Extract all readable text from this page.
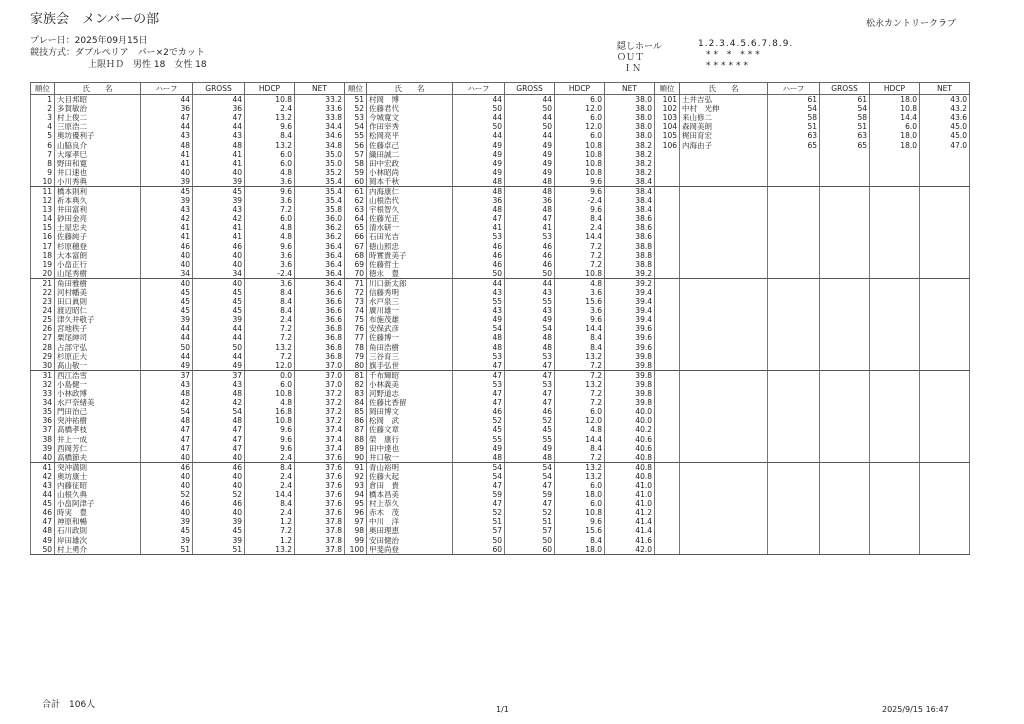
家族会　メンバーの部	松永カントリークラブ
プレー日：2025年09月15日
競技方式：ダブルペリア　パー×2でカット
上限ＨＤ　男性 18　女性 18
隠しホール	1.2.3.4.5.6.7.8.9.
ＯＵＴ	** * ***
ＩＮ	******
順位	氏　　名	ハーフ	GROSS	HDCP	NET
1	大目邦昭	44	44	10.8	33.2
2	多賀敏治	36	36	2.4	33.6
3	村上俊二	47	47	13.2	33.8
4	三原浩二	44	44	9.6	34.4
5	奥坊優利子	43	43	8.4	34.6
6	山脇良介	48	48	13.2	34.8
7	大塚孝巳	41	41	6.0	35.0
8	野田和寛	41	41	6.0	35.0
9	井口速也	40	40	4.8	35.2
10	小川秀典	39	39	3.6	35.4
11	橋本則利	45	45	9.6	35.4
12	祈本典久	39	39	3.6	35.4
13	井田富利	43	43	7.2	35.8
14	砂田金亮	42	42	6.0	36.0
15	土屋忠夫	41	41	4.8	36.2
16	佐藤純子	41	41	4.8	36.2
17	杉原穂登	46	46	9.6	36.4
18	大本富朗	40	40	3.6	36.4
19	小畠正行	40	40	3.6	36.4
20	山尾秀樹	34	34	-2.4	36.4
21	角田雅樹	40	40	3.6	36.4
22	河村幡美	45	45	8.4	36.6
23	田口眞則	45	45	8.4	36.6
24	渡辺昭仁	45	45	8.4	36.6
25	津久井敬子	39	39	2.4	36.6
26	宮地秩子	44	44	7.2	36.8
27	栗尾紳司	44	44	7.2	36.8
28	占部守弘	50	50	13.2	36.8
29	杉原正大	44	44	7.2	36.8
30	髙山敬一	49	49	12.0	37.0
31	西江浩雪	37	37	0.0	37.0
32	小島健一	43	43	6.0	37.0
33	小林政博	48	48	10.8	37.2
34	水戸奈緒美	42	42	4.8	37.2
35	門田治己	54	54	16.8	37.2
36	突沖祐樹	48	48	10.8	37.2
37	高橋孝枝	47	47	9.6	37.4
38	井上一成	47	47	9.6	37.4
39	西岡芳仁	47	47	9.6	37.4
40	高橋節夫	40	40	2.4	37.6
41	突沖満則	46	46	8.4	37.6
42	奥坊康士	40	40	2.4	37.6
43	内藤征昭	40	40	2.4	37.6
44	山根久典	52	52	14.4	37.6
45	小畠阿津子	46	46	8.4	37.6
46	時実　豊	40	40	2.4	37.6
47	神原和暢	39	39	1.2	37.8
48	石川政則	45	45	7.2	37.8
49	岸田雄次	39	39	1.2	37.8
50	村上勇介	51	51	13.2	37.8
順位	氏　　名	ハーフ	GROSS	HDCP	NET
51	村岡　博	44	44	6.0	38.0
52	佐藤君代	50	50	12.0	38.0
53	今城寛文	44	44	6.0	38.0
54	作田宰秀	50	50	12.0	38.0
55	松岡亮平	44	44	6.0	38.0
56	佐藤卓己	49	49	10.8	38.2
57	織田誠二	49	49	10.8	38.2
58	田中宏政	49	49	10.8	38.2
59	小林昭尚	49	49	10.8	38.2
60	岡本千秋	48	48	9.6	38.4
61	内海康仁	48	48	9.6	38.4
62	山根浩代	36	36	-2.4	38.4
63	宇根智久	48	48	9.6	38.4
64	佐藤光正	47	47	8.4	38.6
65	清水研一	41	41	2.4	38.6
66	石田光吉	53	53	14.4	38.6
67	徳山照忠	46	46	7.2	38.8
68	時實貴美子	46	46	7.2	38.8
69	佐藤哲士	46	46	7.2	38.8
70	徳永　豊	50	50	10.8	39.2
71	川口新太郎	44	44	4.8	39.2
72	信藤秀明	43	43	3.6	39.4
73	水戸泉三	55	55	15.6	39.4
74	廣川雄一	43	43	3.6	39.4
75	布施茂雄	49	49	9.6	39.4
76	安保武彦	54	54	14.4	39.6
77	佐藤博一	48	48	8.4	39.6
78	角田浩樹	48	48	8.4	39.6
79	三谷育三	53	53	13.2	39.8
80	旗手弘世	47	47	7.2	39.8
81	千布輝昭	47	47	7.2	39.8
82	小林義美	53	53	13.2	39.8
83	河野道志	47	47	7.2	39.8
84	佐藤比香留	47	47	7.2	39.8
85	岡田博文	46	46	6.0	40.0
86	松岡　武	52	52	12.0	40.0
87	佐藤文章	45	45	4.8	40.2
88	榮　康行	55	55	14.4	40.6
89	田中達也	49	49	8.4	40.6
90	井口敬一	48	48	7.2	40.8
91	青山裕明	54	54	13.2	40.8
92	佐藤大起	54	54	13.2	40.8
93	倉田　貴	47	47	6.0	41.0
94	橋本昌美	59	59	18.0	41.0
95	村上恭久	47	47	6.0	41.0
96	赤木　茂	52	52	10.8	41.2
97	中川　洋	51	51	9.6	41.4
98	奥田理恵	57	57	15.6	41.4
99	安田健治	50	50	8.4	41.6
100	甲斐尚登	60	60	18.0	42.0
順位	氏　　名	ハーフ	GROSS	HDCP	NET
101	土井吉弘	61	61	18.0	43.0
102	中村　光伸	54	54	10.8	43.2
103	来山修二	58	58	14.4	43.6
104	森岡美朗	51	51	6.0	45.0
105	梶田育宏	63	63	18.0	45.0
106	内海由子	65	65	18.0	47.0

合計　106人	1/1	2025/9/15 16:47
